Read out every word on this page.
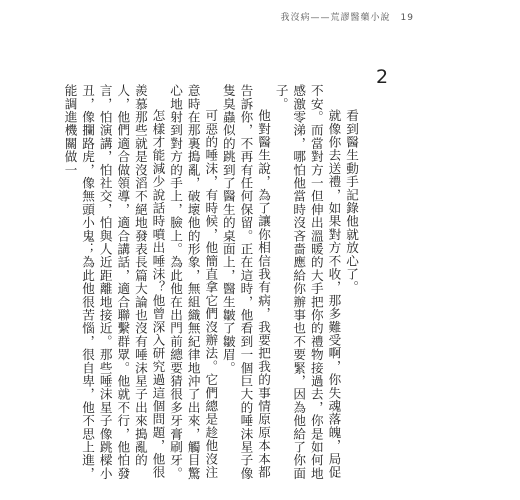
我沒病——荒謬醫藥小說　19
2

看到醫生動手記錄他就放心了。

就像你去送禮，如果對方不收，那多難受啊，你失魂落魄，局促不安。而當對方一但伸出溫暖的大手把你的禮物接過去，你是如何地感激零涕，哪怕他當時沒吝嗇應給你辦事也不要緊，因為他給了你面子。

他對醫生說，為了讓你相信我有病，我要把我的事情原原本本都告訴你，不再有任何保留。正在這時，他看到一個巨大的唾沫星子像隻臭蟲似的跳到了醫生的桌面上，醫生皺了皺眉。

可惡的唾沫，有時候，他簡直拿它們沒辦法。它們總是趁他沒注意時在那裏搗亂，破壞他的形象，無組織無紀律地沖了出來，觸目驚心地射到對方的手上，臉上。為此他在出門前總要猜很多牙膏刷牙。

怎樣才能減少說話時噴出唾沫？他曾深入研究過這個問題，他很羨慕那些就是沒滔不絕地發表長篇大論也沒有唾沫星子出來搗亂的人，他們適合做領導，適合講話，適合聯繫群眾。他就不行，他怕發言，怕演講，怕社交，怕與人近距離地接近。那些唾沫星子像跳樑小丑，像攔路虎，像無頭小鬼；為此他很苦惱，很自卑，他不思上進，能調進機關做一
